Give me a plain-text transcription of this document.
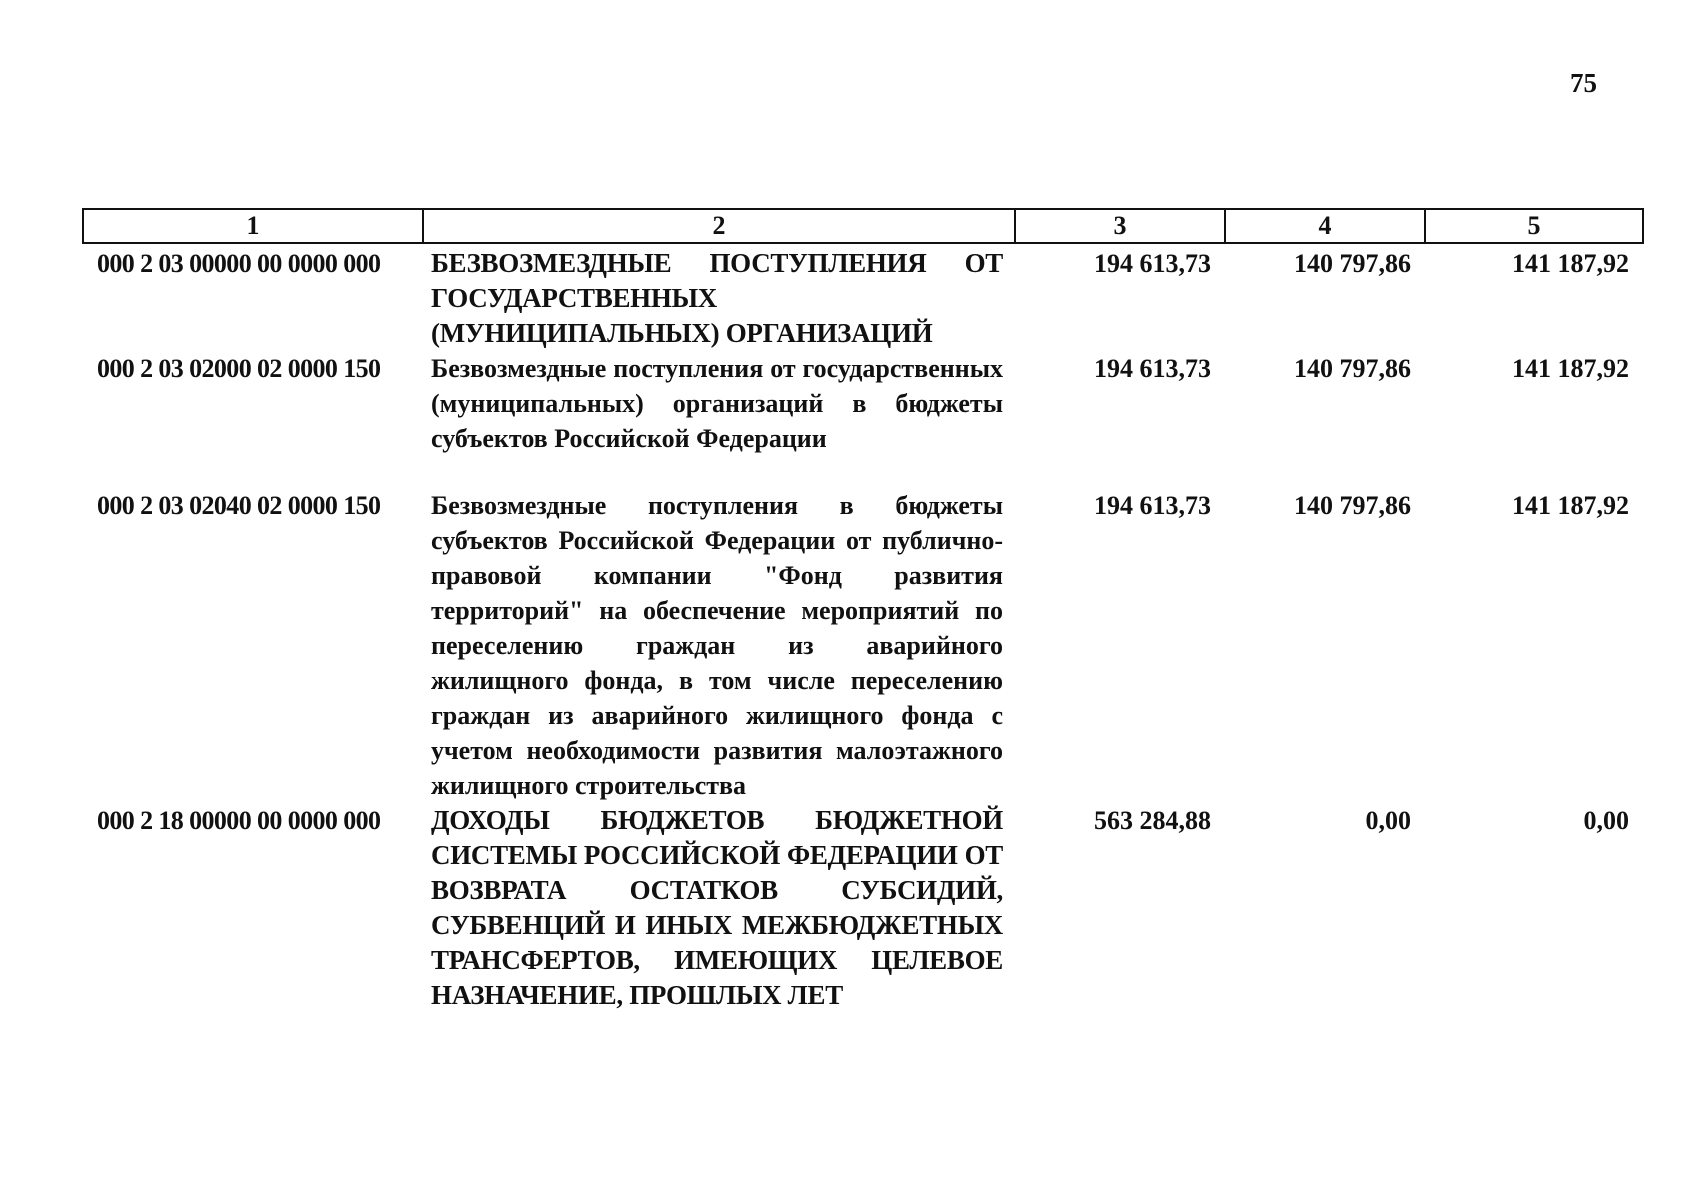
75
1	2	3	4	5
000 2 03 00000 00 0000 000	БЕЗВОЗМЕЗДНЫЕ ПОСТУПЛЕНИЯ ОТ ГОСУДАРСТВЕННЫХ (МУНИЦИПАЛЬНЫХ) ОРГАНИЗАЦИЙ	194 613,73	140 797,86	141 187,92
000 2 03 02000 02 0000 150	Безвозмездные поступления от государственных (муниципальных) организаций в бюджеты субъектов Российской Федерации	194 613,73	140 797,86	141 187,92
000 2 03 02040 02 0000 150	Безвозмездные поступления в бюджеты субъектов Российской Федерации от публично-правовой компании "Фонд развития территорий" на обеспечение мероприятий по переселению граждан из аварийного жилищного фонда, в том числе переселению граждан из аварийного жилищного фонда с учетом необходимости развития малоэтажного жилищного строительства	194 613,73	140 797,86	141 187,92
000 2 18 00000 00 0000 000	ДОХОДЫ БЮДЖЕТОВ БЮДЖЕТНОЙ СИСТЕМЫ РОССИЙСКОЙ ФЕДЕРАЦИИ ОТ ВОЗВРАТА ОСТАТКОВ СУБСИДИЙ, СУБВЕНЦИЙ И ИНЫХ МЕЖБЮДЖЕТНЫХ ТРАНСФЕРТОВ, ИМЕЮЩИХ ЦЕЛЕВОЕ НАЗНАЧЕНИЕ, ПРОШЛЫХ ЛЕТ	563 284,88	0,00	0,00
